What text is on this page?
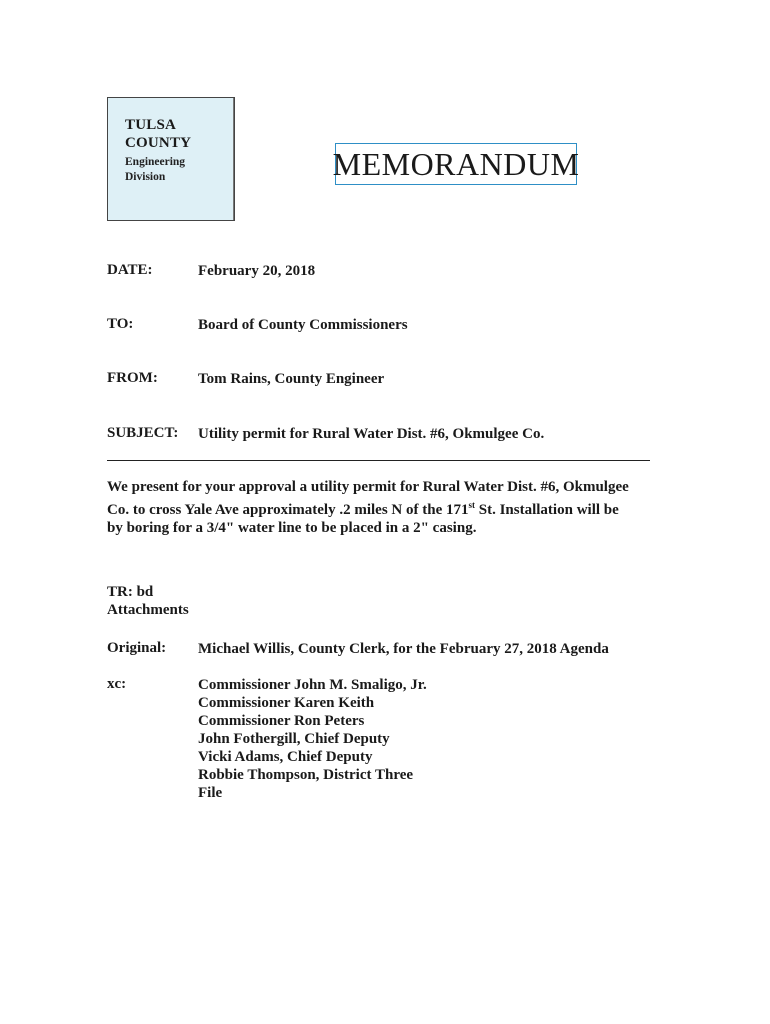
TULSA
COUNTY
Engineering
Division	MEMORANDUM
DATE:	February 20, 2018
TO:	Board of County Commissioners
FROM:	Tom Rains, County Engineer
SUBJECT: Utility permit for Rural Water Dist. #6, Okmulgee Co.
We present for your approval a utility permit for Rural Water Dist. #6, Okmulgee
Co. to cross Yale Ave approximately .2 miles N of the 171st St. Installation will be
by boring for a 3/4" water line to be placed in a 2" casing.
TR: bd
Attachments
Original: Michael Willis, County Clerk, for the February 27, 2018 Agenda
xc:	Commissioner John M. Smaligo, Jr.
Commissioner Karen Keith
Commissioner Ron Peters
John Fothergill, Chief Deputy
Vicki Adams, Chief Deputy
Robbie Thompson, District Three
File
